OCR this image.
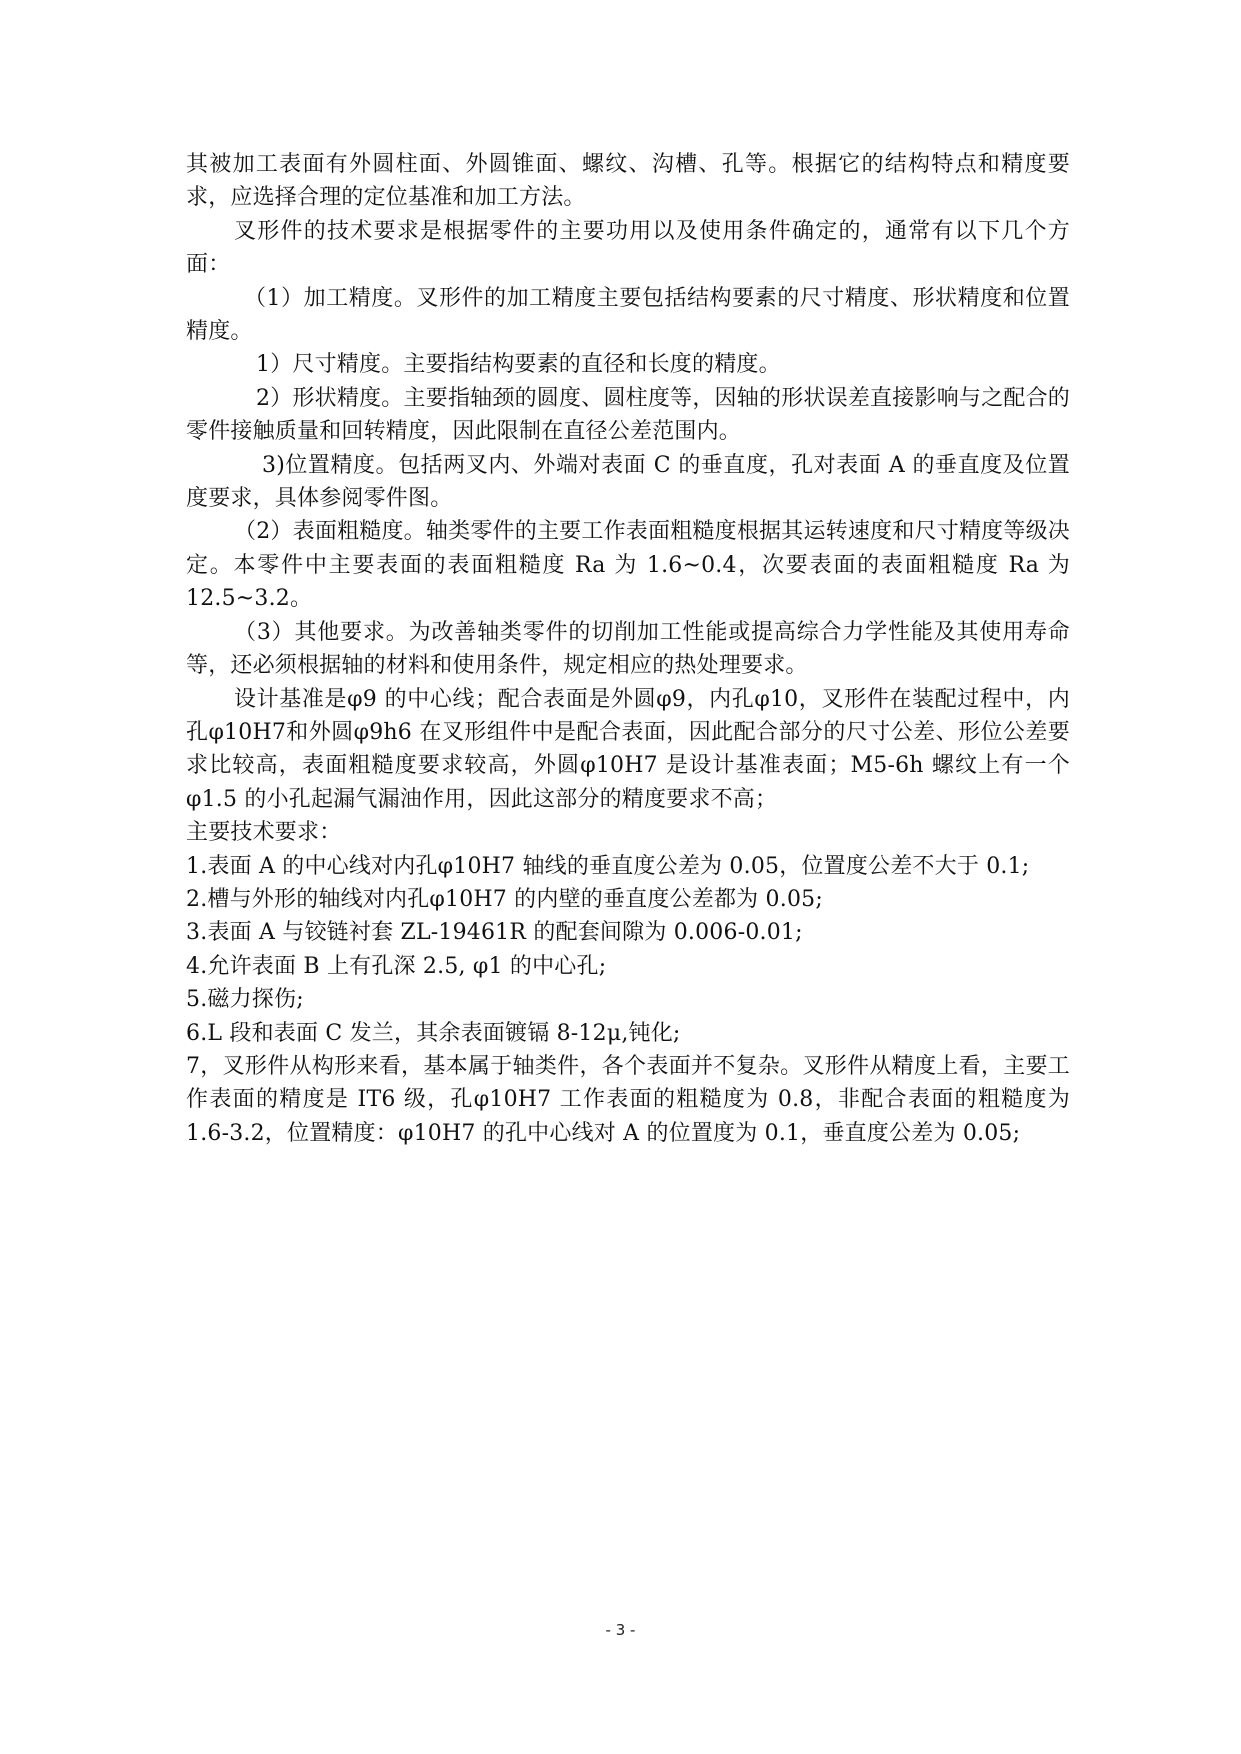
其被加工表面有外圆柱面、外圆锥面、螺纹、沟槽、孔等。根据它的结构特点和精度要求，应选择合理的定位基准和加工方法。

叉形件的技术要求是根据零件的主要功用以及使用条件确定的，通常有以下几个方面：

（1）加工精度。叉形件的加工精度主要包括结构要素的尺寸精度、形状精度和位置精度。

1）尺寸精度。主要指结构要素的直径和长度的精度。

2）形状精度。主要指轴颈的圆度、圆柱度等，因轴的形状误差直接影响与之配合的零件接触质量和回转精度，因此限制在直径公差范围内。

3)位置精度。包括两叉内、外端对表面 C 的垂直度，孔对表面 A 的垂直度及位置度要求，具体参阅零件图。

（2）表面粗糙度。轴类零件的主要工作表面粗糙度根据其运转速度和尺寸精度等级决定。本零件中主要表面的表面粗糙度 Ra 为 1.6~0.4，次要表面的表面粗糙度 Ra 为 12.5~3.2。

（3）其他要求。为改善轴类零件的切削加工性能或提高综合力学性能及其使用寿命等，还必须根据轴的材料和使用条件，规定相应的热处理要求。

设计基准是φ9 的中心线；配合表面是外圆φ9，内孔φ10，叉形件在装配过程中，内孔φ10H7和外圆φ9h6 在叉形组件中是配合表面，因此配合部分的尺寸公差、形位公差要求比较高，表面粗糙度要求较高，外圆φ10H7 是设计基准表面；M5-6h 螺纹上有一个φ1.5 的小孔起漏气漏油作用，因此这部分的精度要求不高；

主要技术要求：

1.表面 A 的中心线对内孔φ10H7 轴线的垂直度公差为 0.05，位置度公差不大于 0.1;

2.槽与外形的轴线对内孔φ10H7 的内壁的垂直度公差都为 0.05;

3.表面 A 与铰链衬套 ZL-19461R 的配套间隙为 0.006-0.01;

4.允许表面 B 上有孔深 2.5, φ1 的中心孔;

5.磁力探伤;

6.L 段和表面 C 发兰，其余表面镀镉 8-12μ,钝化;

7，叉形件从构形来看，基本属于轴类件，各个表面并不复杂。叉形件从精度上看，主要工作表面的精度是 IT6 级，孔φ10H7 工作表面的粗糙度为 0.8，非配合表面的粗糙度为 1.6-3.2，位置精度：φ10H7 的孔中心线对 A 的位置度为 0.1，垂直度公差为 0.05;

- 3 -
